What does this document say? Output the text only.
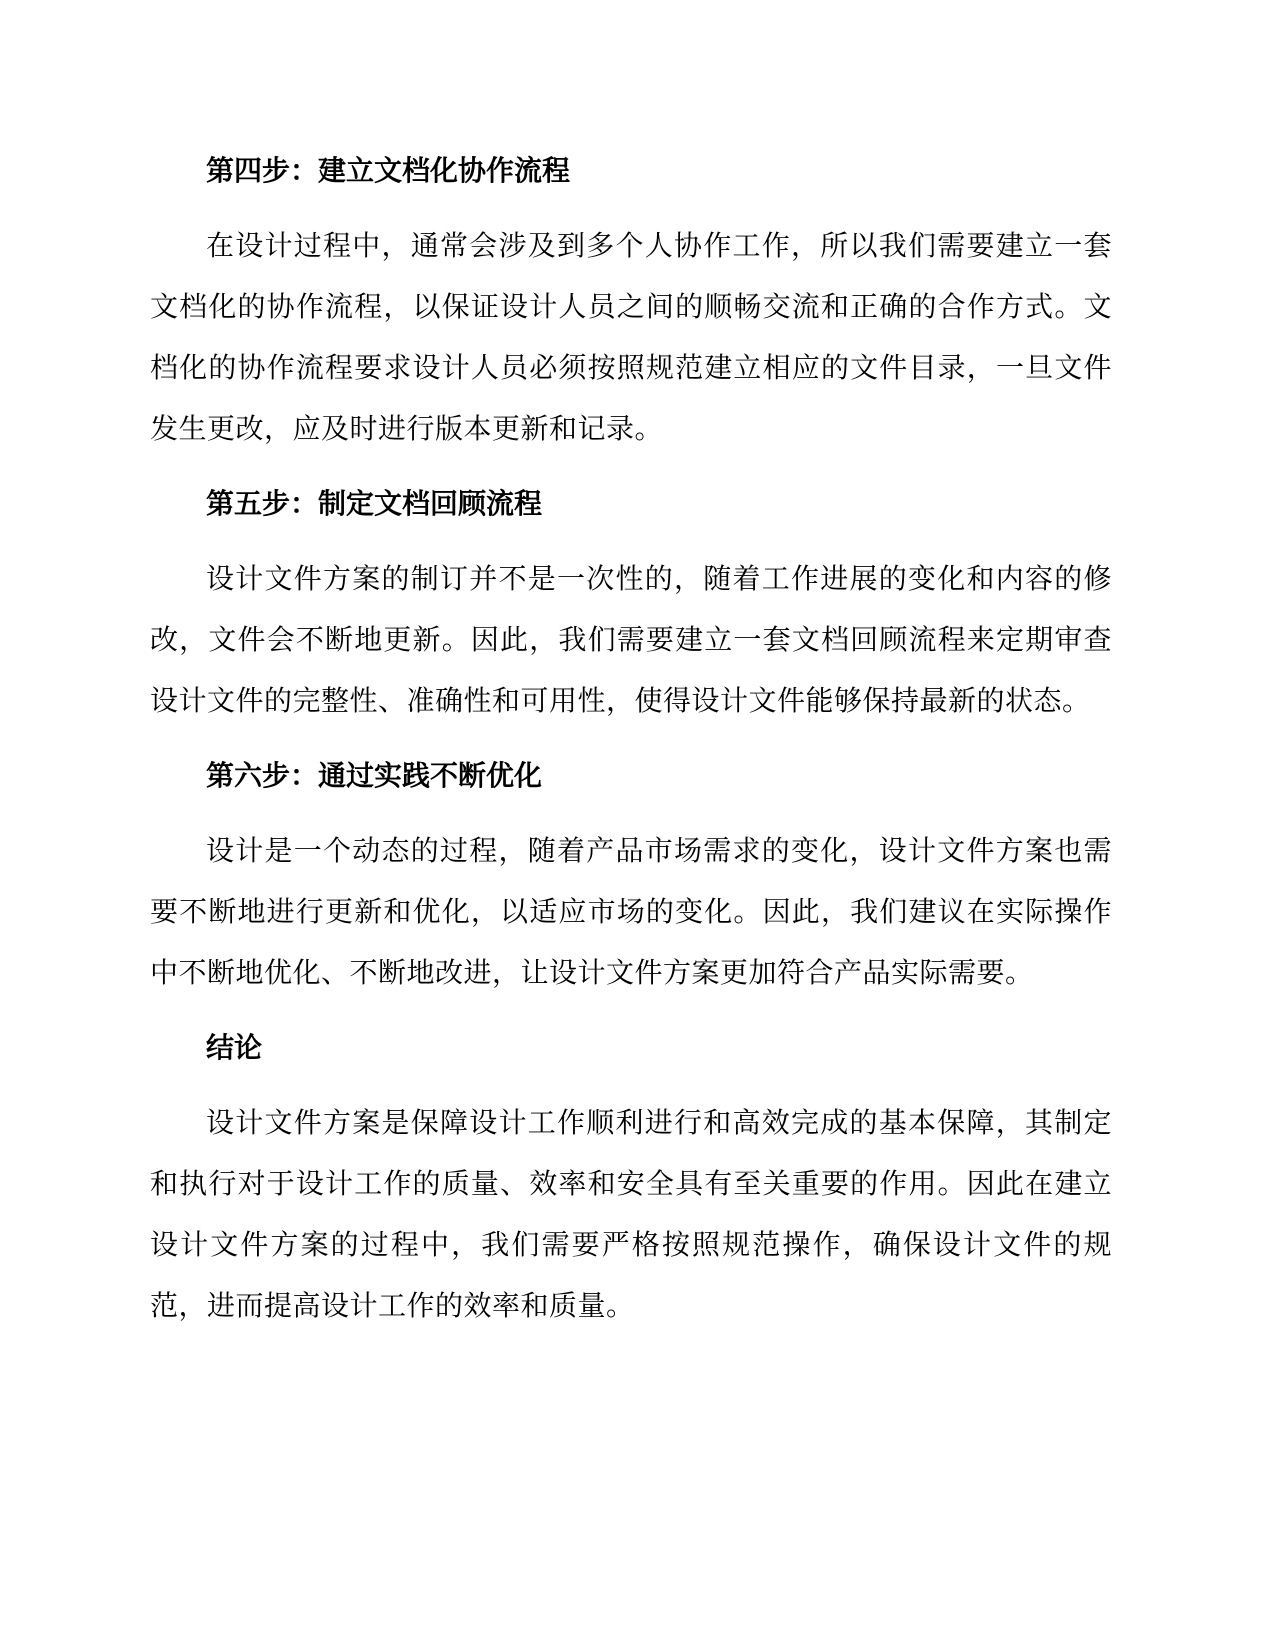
第四步：建立文档化协作流程

在设计过程中，通常会涉及到多个人协作工作，所以我们需要建立一套文档化的协作流程，以保证设计人员之间的顺畅交流和正确的合作方式。文档化的协作流程要求设计人员必须按照规范建立相应的文件目录，一旦文件发生更改，应及时进行版本更新和记录。

第五步：制定文档回顾流程

设计文件方案的制订并不是一次性的，随着工作进展的变化和内容的修改，文件会不断地更新。因此，我们需要建立一套文档回顾流程来定期审查设计文件的完整性、准确性和可用性，使得设计文件能够保持最新的状态。

第六步：通过实践不断优化

设计是一个动态的过程，随着产品市场需求的变化，设计文件方案也需要不断地进行更新和优化，以适应市场的变化。因此，我们建议在实际操作中不断地优化、不断地改进，让设计文件方案更加符合产品实际需要。

结论

设计文件方案是保障设计工作顺利进行和高效完成的基本保障，其制定和执行对于设计工作的质量、效率和安全具有至关重要的作用。因此在建立设计文件方案的过程中，我们需要严格按照规范操作，确保设计文件的规范，进而提高设计工作的效率和质量。
